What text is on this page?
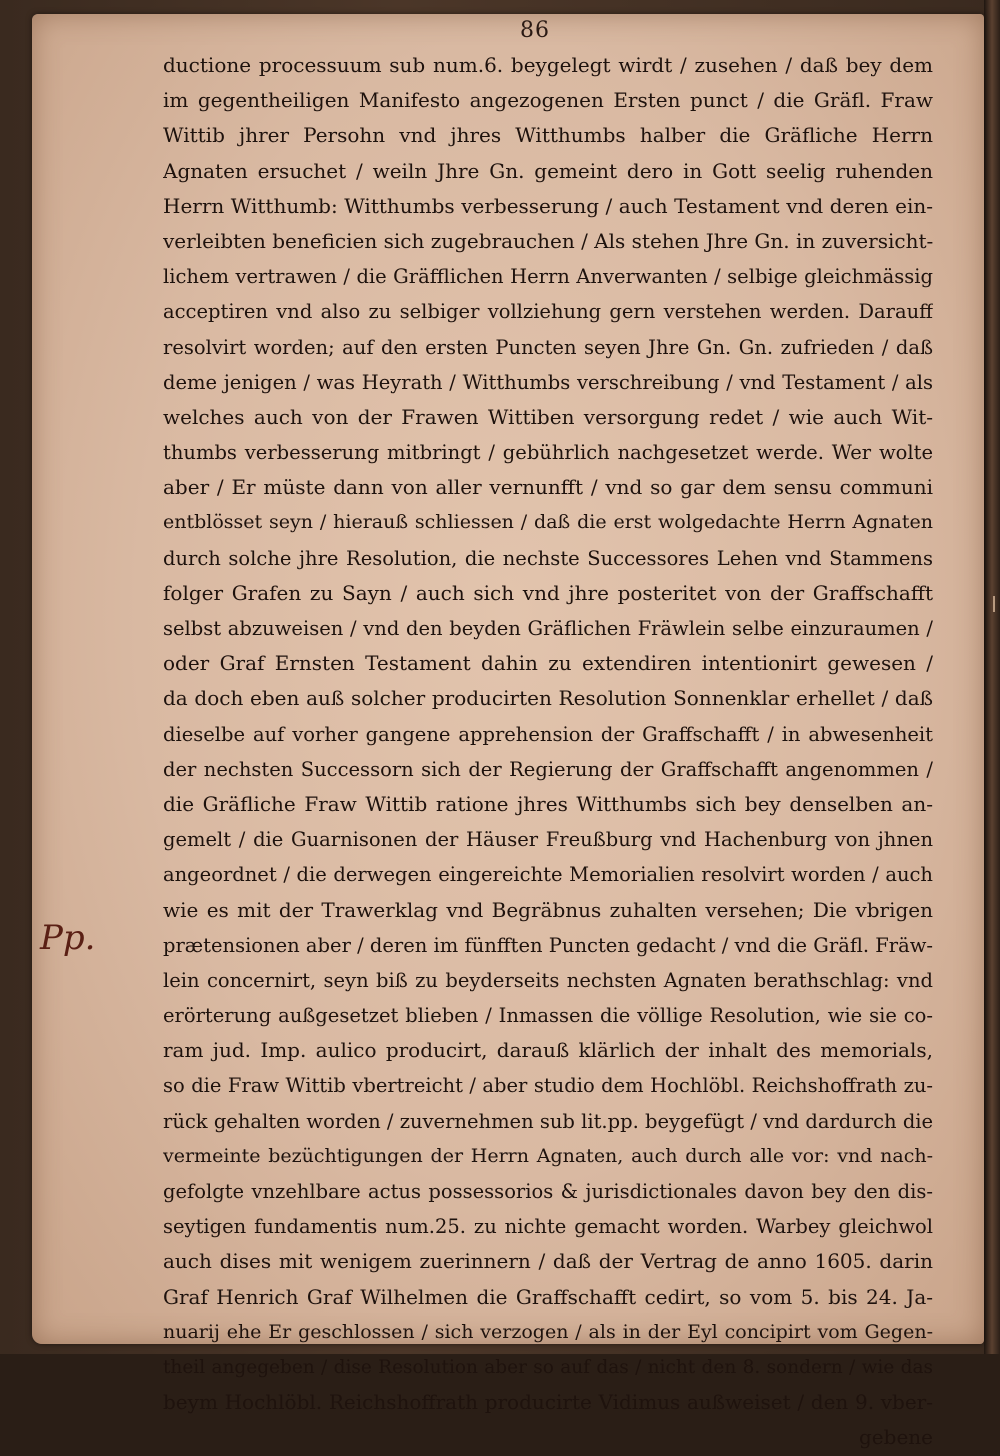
86
Pp.
ductione processuum sub num.6. beygelegt wirdt / zusehen / daß bey dem
im gegentheiligen Manifesto angezogenen Ersten punct / die Gräfl. Fraw
Wittib jhrer Persohn vnd jhres Witthumbs halber die Gräfliche Herrn
Agnaten ersuchet / weiln Jhre Gn. gemeint dero in Gott seelig ruhenden
Herrn Witthumb: Witthumbs verbesserung / auch Testament vnd deren ein-
verleibten beneficien sich zugebrauchen / Als stehen Jhre Gn. in zuversicht-
lichem vertrawen / die Gräfflichen Herrn Anverwanten / selbige gleichmässig
acceptiren vnd also zu selbiger vollziehung gern verstehen werden. Darauff
resolvirt worden; auf den ersten Puncten seyen Jhre Gn. Gn. zufrieden / daß
deme jenigen / was Heyrath / Witthumbs verschreibung / vnd Testament / als
welches auch von der Frawen Wittiben versorgung redet / wie auch Wit-
thumbs verbesserung mitbringt / gebührlich nachgesetzet werde. Wer wolte
aber / Er müste dann von aller vernunfft / vnd so gar dem sensu communi
entblösset seyn / hierauß schliessen / daß die erst wolgedachte Herrn Agnaten
durch solche jhre Resolution, die nechste Successores Lehen vnd Stammens
folger Grafen zu Sayn / auch sich vnd jhre posteritet von der Graffschafft
selbst abzuweisen / vnd den beyden Gräflichen Fräwlein selbe einzuraumen /
oder Graf Ernsten Testament dahin zu extendiren intentionirt gewesen /
da doch eben auß solcher producirten Resolution Sonnenklar erhellet / daß
dieselbe auf vorher gangene apprehension der Graffschafft / in abwesenheit
der nechsten Successorn sich der Regierung der Graffschafft angenommen /
die Gräfliche Fraw Wittib ratione jhres Witthumbs sich bey denselben an-
gemelt / die Guarnisonen der Häuser Freußburg vnd Hachenburg von jhnen
angeordnet / die derwegen eingereichte Memorialien resolvirt worden / auch
wie es mit der Trawerklag vnd Begräbnus zuhalten versehen; Die vbrigen
prætensionen aber / deren im fünfften Puncten gedacht / vnd die Gräfl. Fräw-
lein concernirt, seyn biß zu beyderseits nechsten Agnaten berathschlag: vnd
erörterung außgesetzet blieben / Inmassen die völlige Resolution, wie sie co-
ram jud. Imp. aulico producirt, darauß klärlich der inhalt des memorials,
so die Fraw Wittib vbertreicht / aber studio dem Hochlöbl. Reichshoffrath zu-
rück gehalten worden / zuvernehmen sub lit.pp. beygefügt / vnd dardurch die
vermeinte bezüchtigungen der Herrn Agnaten, auch durch alle vor: vnd nach-
gefolgte vnzehlbare actus possessorios & jurisdictionales davon bey den dis-
seytigen fundamentis num.25. zu nichte gemacht worden. Warbey gleichwol
auch dises mit wenigem zuerinnern / daß der Vertrag de anno 1605. darin
Graf Henrich Graf Wilhelmen die Graffschafft cedirt, so vom 5. bis 24. Ja-
nuarij ehe Er geschlossen / sich verzogen / als in der Eyl concipirt vom Gegen-
theil angegeben / dise Resolution aber so auf das / nicht den 8. sondern / wie das
beym Hochlöbl. Reichshoffrath producirte Vidimus außweiset / den 9. vber-
gebene
